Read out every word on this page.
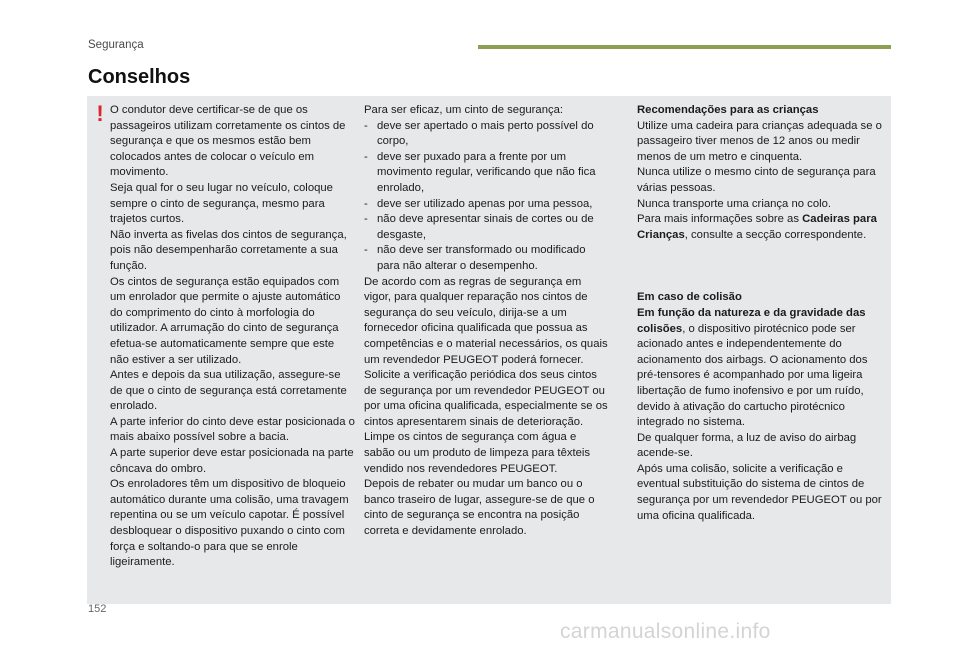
Segurança
Conselhos
! O condutor deve certificar-se de que os passageiros utilizam corretamente os cintos de segurança e que os mesmos estão bem colocados antes de colocar o veículo em movimento.

Seja qual for o seu lugar no veículo, coloque sempre o cinto de segurança, mesmo para trajetos curtos.

Não inverta as fivelas dos cintos de segurança, pois não desempenharão corretamente a sua função.

Os cintos de segurança estão equipados com um enrolador que permite o ajuste automático do comprimento do cinto à morfologia do utilizador. A arrumação do cinto de segurança efetua-se automaticamente sempre que este não estiver a ser utilizado.

Antes e depois da sua utilização, assegure-se de que o cinto de segurança está corretamente enrolado.

A parte inferior do cinto deve estar posicionada o mais abaixo possível sobre a bacia.

A parte superior deve estar posicionada na parte côncava do ombro.

Os enroladores têm um dispositivo de bloqueio automático durante uma colisão, uma travagem repentina ou se um veículo capotar. É possível desbloquear o dispositivo puxando o cinto com força e soltando-o para que se enrole ligeiramente.

Para ser eficaz, um cinto de segurança:

- deve ser apertado o mais perto possível do corpo,
- deve ser puxado para a frente por um movimento regular, verificando que não fica enrolado,
- deve ser utilizado apenas por uma pessoa,
- não deve apresentar sinais de cortes ou de desgaste,
- não deve ser transformado ou modificado para não alterar o desempenho.

De acordo com as regras de segurança em vigor, para qualquer reparação nos cintos de segurança do seu veículo, dirija-se a um fornecedor oficina qualificada que possua as competências e o material necessários, os quais um revendedor PEUGEOT poderá fornecer.

Solicite a verificação periódica dos seus cintos de segurança por um revendedor PEUGEOT ou por uma oficina qualificada, especialmente se os cintos apresentarem sinais de deterioração.

Limpe os cintos de segurança com água e sabão ou um produto de limpeza para têxteis vendido nos revendedores PEUGEOT.

Depois de rebater ou mudar um banco ou o banco traseiro de lugar, assegure-se de que o cinto de segurança se encontra na posição correta e devidamente enrolado.

Recomendações para as crianças

Utilize uma cadeira para crianças adequada se o passageiro tiver menos de 12 anos ou medir menos de um metro e cinquenta.

Nunca utilize o mesmo cinto de segurança para várias pessoas.

Nunca transporte uma criança no colo.

Para mais informações sobre as Cadeiras para Crianças, consulte a secção correspondente.

Em caso de colisão

Em função da natureza e da gravidade das colisões, o dispositivo pirotécnico pode ser acionado antes e independentemente do acionamento dos airbags. O acionamento dos pré-tensores é acompanhado por uma ligeira libertação de fumo inofensivo e por um ruído, devido à ativação do cartucho pirotécnico integrado no sistema.

De qualquer forma, a luz de aviso do airbag acende-se.

Após uma colisão, solicite a verificação e eventual substituição do sistema de cintos de segurança por um revendedor PEUGEOT ou por uma oficina qualificada.

152
carmanualsonline.info
